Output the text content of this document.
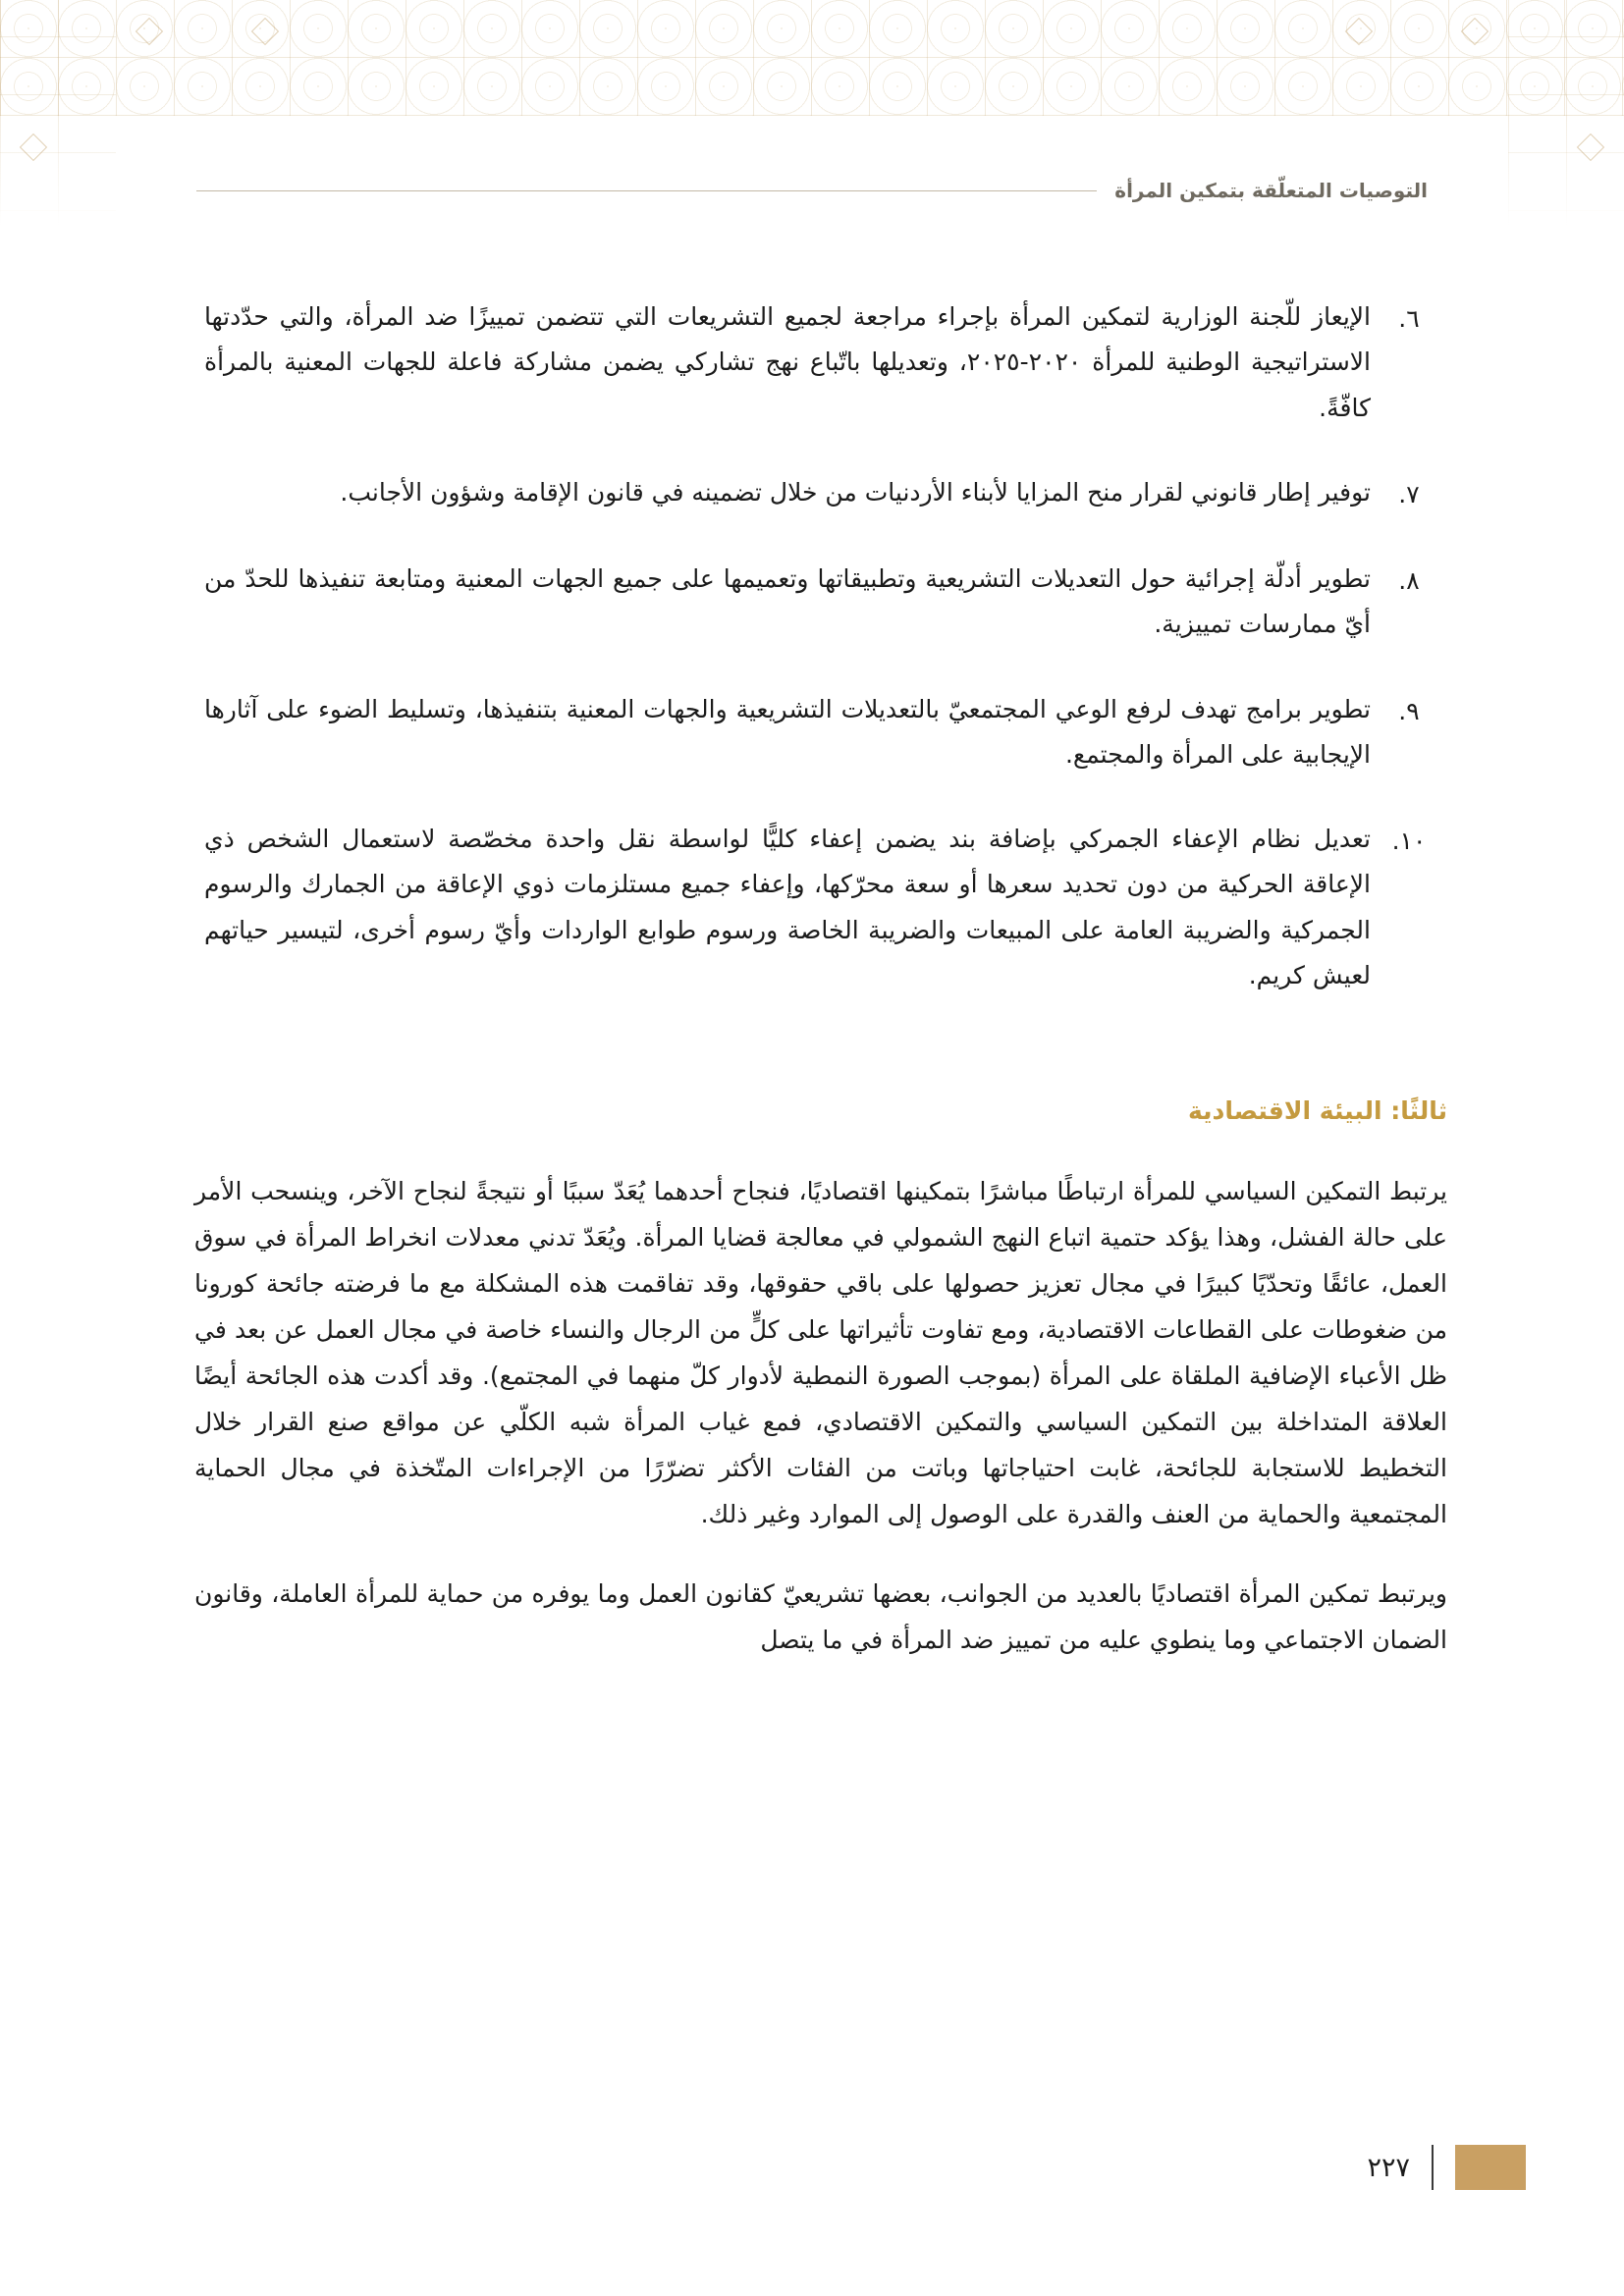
التوصيات المتعلّقة بتمكين المرأة
٦.
الإيعاز للّجنة الوزارية لتمكين المرأة بإجراء مراجعة لجميع التشريعات التي تتضمن تمييزًا ضد المرأة، والتي حدّدتها الاستراتيجية الوطنية للمرأة ٢٠٢٠-٢٠٢٥، وتعديلها باتّباع نهج تشاركي يضمن مشاركة فاعلة للجهات المعنية بالمرأة كافّةً.
٧.
توفير إطار قانوني لقرار منح المزايا لأبناء الأردنيات من خلال تضمينه في قانون الإقامة وشؤون الأجانب.
٨.
تطوير أدلّة إجرائية حول التعديلات التشريعية وتطبيقاتها وتعميمها على جميع الجهات المعنية ومتابعة تنفيذها للحدّ من أيّ ممارسات تمييزية.
٩.
تطوير برامج تهدف لرفع الوعي المجتمعيّ بالتعديلات التشريعية والجهات المعنية بتنفيذها، وتسليط الضوء على آثارها الإيجابية على المرأة والمجتمع.
١٠.
تعديل نظام الإعفاء الجمركي بإضافة بند يضمن إعفاء كليًّا لواسطة نقل واحدة مخصّصة لاستعمال الشخص ذي الإعاقة الحركية من دون تحديد سعرها أو سعة محرّكها، وإعفاء جميع مستلزمات ذوي الإعاقة من الجمارك والرسوم الجمركية والضريبة العامة على المبيعات والضريبة الخاصة ورسوم طوابع الواردات وأيّ رسوم أخرى، لتيسير حياتهم لعيش كريم.
ثالثًا: البيئة الاقتصادية

يرتبط التمكين السياسي للمرأة ارتباطًا مباشرًا بتمكينها اقتصاديًا، فنجاح أحدهما يُعَدّ سببًا أو نتيجةً لنجاح الآخر، وينسحب الأمر على حالة الفشل، وهذا يؤكد حتمية اتباع النهج الشمولي في معالجة قضايا المرأة. ويُعَدّ تدني معدلات انخراط المرأة في سوق العمل، عائقًا وتحدّيًا كبيرًا في مجال تعزيز حصولها على باقي حقوقها، وقد تفاقمت هذه المشكلة مع ما فرضته جائحة كورونا من ضغوطات على القطاعات الاقتصادية، ومع تفاوت تأثيراتها على كلٍّ من الرجال والنساء خاصة في مجال العمل عن بعد في ظل الأعباء الإضافية الملقاة على المرأة (بموجب الصورة النمطية لأدوار كلّ منهما في المجتمع). وقد أكدت هذه الجائحة أيضًا العلاقة المتداخلة بين التمكين السياسي والتمكين الاقتصادي، فمع غياب المرأة شبه الكلّي عن مواقع صنع القرار خلال التخطيط للاستجابة للجائحة، غابت احتياجاتها وباتت من الفئات الأكثر تضرّرًا من الإجراءات المتّخذة في مجال الحماية المجتمعية والحماية من العنف والقدرة على الوصول إلى الموارد وغير ذلك.

ويرتبط تمكين المرأة اقتصاديًا بالعديد من الجوانب، بعضها تشريعيّ كقانون العمل وما يوفره من حماية للمرأة العاملة، وقانون الضمان الاجتماعي وما ينطوي عليه من تمييز ضد المرأة في ما يتصل

٢٢٧
